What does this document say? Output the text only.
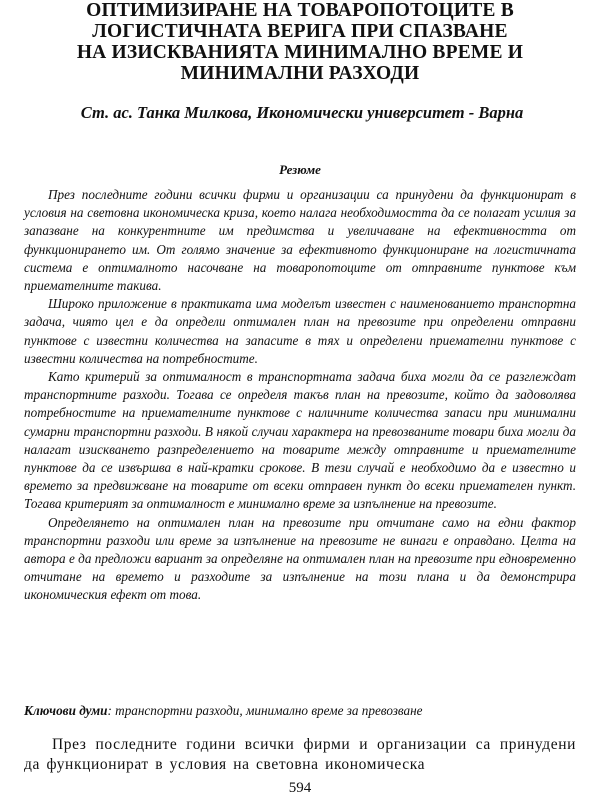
ОПТИМИЗИРАНЕ НА ТОВАРОПОТОЦИТЕ В
ЛОГИСТИЧНАТА ВЕРИГА ПРИ СПАЗВАНЕ
НА ИЗИСКВАНИЯТА МИНИМАЛНО ВРЕМЕ И
МИНИМАЛНИ РАЗХОДИ
Ст. ас. Танка Милкова, Икономически университет - Варна
Резюме

През последните години всички фирми и организации са принудени да функционират в условия на световна икономическа криза, което налага необходимостта да се полагат усилия за запазване на конкурентните им предимства и увеличаване на ефективността от функционирането им. От голямо значение за ефективното функциониране на логистичната система е оптималното насочване на товаропотоците от отправните пунктове към приемателните такива.

Широко приложение в практиката има моделът известен с наименованието транспортна задача, чиято цел е да определи оптимален план на превозите при определени отправни пунктове с известни количества на запасите в тях и определени приемателни пунктове с известни количества на потребностите.

Като критерий за оптималност в транспортната задача биха могли да се разглеждат транспортните разходи. Тогава се определя такъв план на превозите, който да задоволява потребностите на приемателните пунктове с наличните количества запаси при минимални сумарни транспортни разходи. В някой случаи характера на превозваните товари биха могли да налагат изискването разпределението на товарите между отправните и приемателните пунктове да се извършва в най-кратки срокове. В тези случай е необходимо да е известно и времето за предвижване на товарите от всеки отправен пункт до всеки приемателен пункт. Тогава критерият за оптималност е минимално време за изпълнение на превозите.

Определянето на оптимален план на превозите при отчитане само на едни фактор транспортни разходи или време за изпълнение на превозите не винаги е оправдано. Целта на автора е да предложи вариант за определяне на оптимален план на превозите при едновременно отчитане на времето и разходите за изпълнение на този плана и да демонстрира икономическия ефект от това.

Ключови думи: транспортни разходи, минимално време за превозване

През последните години всички фирми и организации са принудени да функционират в условия на световна икономическа

594
